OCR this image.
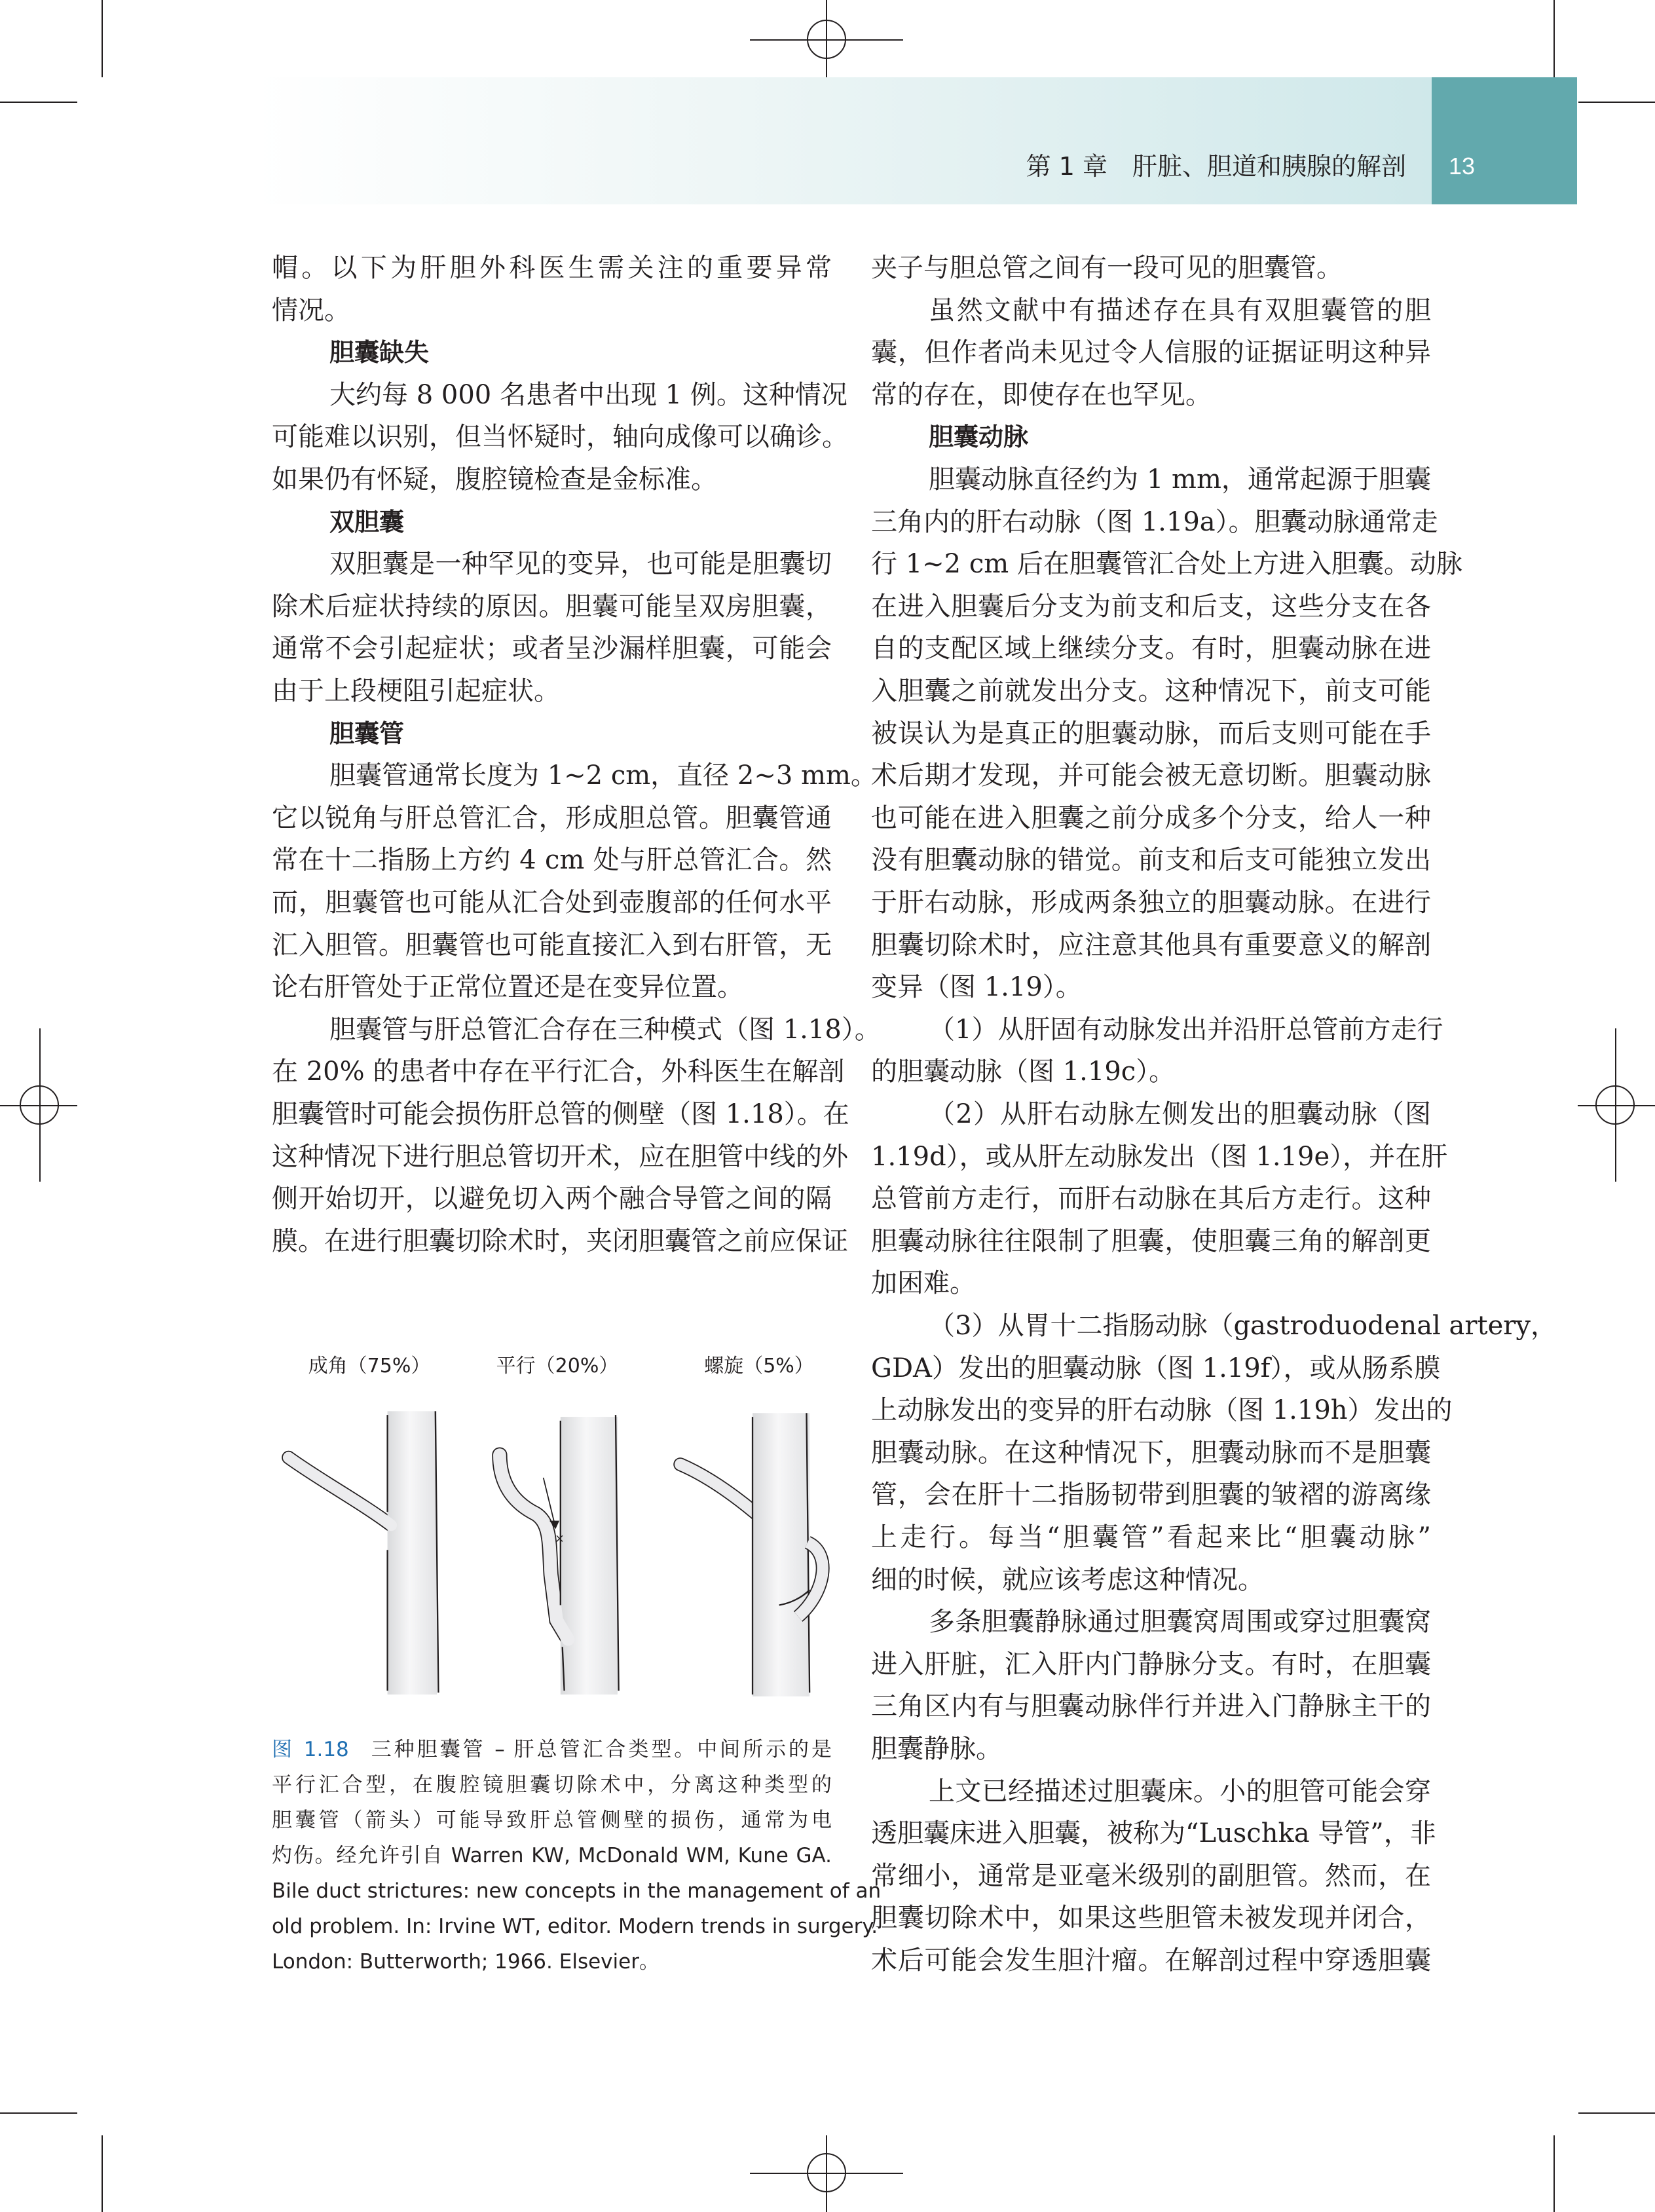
第 1 章　肝脏、胆道和胰腺的解剖 13
帽。以下为肝胆外科医生需关注的重要异常
情况。
胆囊缺失
大约每 8 000 名患者中出现 1 例。这种情况
可能难以识别，但当怀疑时，轴向成像可以确诊。
如果仍有怀疑，腹腔镜检查是金标准。
双胆囊
双胆囊是一种罕见的变异，也可能是胆囊切
除术后症状持续的原因。胆囊可能呈双房胆囊，
通常不会引起症状；或者呈沙漏样胆囊，可能会
由于上段梗阻引起症状。
胆囊管
胆囊管通常长度为 1~2 cm，直径 2~3 mm。
它以锐角与肝总管汇合，形成胆总管。胆囊管通
常在十二指肠上方约 4 cm 处与肝总管汇合。然
而，胆囊管也可能从汇合处到壶腹部的任何水平
汇入胆管。胆囊管也可能直接汇入到右肝管，无
论右肝管处于正常位置还是在变异位置。
胆囊管与肝总管汇合存在三种模式（图 1.18）。
在 20% 的患者中存在平行汇合，外科医生在解剖
胆囊管时可能会损伤肝总管的侧壁（图 1.18）。在
这种情况下进行胆总管切开术，应在胆管中线的外
侧开始切开，以避免切入两个融合导管之间的隔
膜。在进行胆囊切除术时，夹闭胆囊管之前应保证
夹子与胆总管之间有一段可见的胆囊管。
虽然文献中有描述存在具有双胆囊管的胆
囊，但作者尚未见过令人信服的证据证明这种异
常的存在，即使存在也罕见。
胆囊动脉
胆囊动脉直径约为 1 mm，通常起源于胆囊
三角内的肝右动脉（图 1.19a）。胆囊动脉通常走
行 1~2 cm 后在胆囊管汇合处上方进入胆囊。动脉
在进入胆囊后分支为前支和后支，这些分支在各
自的支配区域上继续分支。有时，胆囊动脉在进
入胆囊之前就发出分支。这种情况下，前支可能
被误认为是真正的胆囊动脉，而后支则可能在手
术后期才发现，并可能会被无意切断。胆囊动脉
也可能在进入胆囊之前分成多个分支，给人一种
没有胆囊动脉的错觉。前支和后支可能独立发出
于肝右动脉，形成两条独立的胆囊动脉。在进行
胆囊切除术时，应注意其他具有重要意义的解剖
变异（图 1.19）。
（1）从肝固有动脉发出并沿肝总管前方走行
的胆囊动脉（图 1.19c）。
（2）从肝右动脉左侧发出的胆囊动脉（图
1.19d），或从肝左动脉发出（图 1.19e），并在肝
总管前方走行，而肝右动脉在其后方走行。这种
胆囊动脉往往限制了胆囊，使胆囊三角的解剖更
加困难。
（3）从胃十二指肠动脉（gastroduodenal artery，
GDA）发出的胆囊动脉（图 1.19f），或从肠系膜
上动脉发出的变异的肝右动脉（图 1.19h）发出的
胆囊动脉。在这种情况下，胆囊动脉而不是胆囊
管，会在肝十二指肠韧带到胆囊的皱褶的游离缘
上走行。每当“胆囊管”看起来比“胆囊动脉”
细的时候，就应该考虑这种情况。
多条胆囊静脉通过胆囊窝周围或穿过胆囊窝
进入肝脏，汇入肝内门静脉分支。有时，在胆囊
三角区内有与胆囊动脉伴行并进入门静脉主干的
胆囊静脉。
上文已经描述过胆囊床。小的胆管可能会穿
透胆囊床进入胆囊，被称为“Luschka 导管”，非
常细小，通常是亚毫米级别的副胆管。然而，在
胆囊切除术中，如果这些胆管未被发现并闭合，
术后可能会发生胆汁瘤。在解剖过程中穿透胆囊
成角（75%）	平行（20%）	螺旋（5%）
×
图 1.18 三种胆囊管 – 肝总管汇合类型。中间所示的是
平行汇合型，在腹腔镜胆囊切除术中，分离这种类型的
胆囊管（箭头）可能导致肝总管侧壁的损伤，通常为电
灼伤。经允许引自 Warren KW, McDonald WM, Kune GA.
Bile duct strictures: new concepts in the management of an
old problem. In: Irvine WT, editor. Modern trends in surgery.
London: Butterworth; 1966. Elsevier。
